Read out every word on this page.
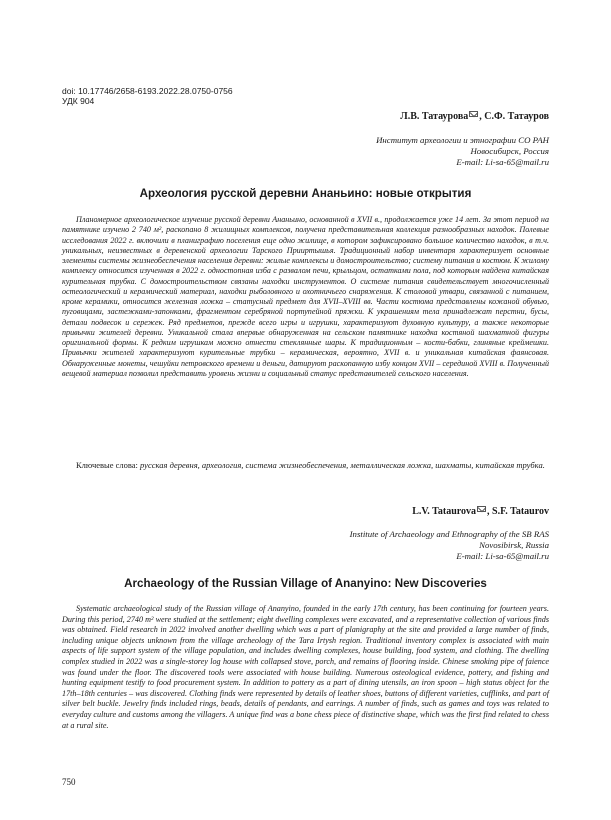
doi: 10.17746/2658-6193.2022.28.0750-0756
УДК 904
Л.В. Татаурова , С.Ф. Татауров
Институт археологии и этнографии СО РАН
Новосибирск, Россия
E-mail: Li-sa-65@mail.ru
Археология русской деревни Ананьино: новые открытия
Планомерное археологическое изучение русской деревни Ананьино, основанной в XVII в., продолжается уже 14 лет. За этот период на памятнике изучено 2 740 м², раскопано 8 жилищных комплексов, получена представительная коллекция разнообразных находок. Полевые исследования 2022 г. включили в планиграфию поселения еще одно жилище, в котором зафиксировано большое количество находок, в т.ч. уникальных, неизвестных в деревенской археологии Тарского Прииртышья. Традиционный набор инвентаря характеризует основные элементы системы жизнеобеспечения населения деревни: жилые комплексы и домостроительство; систему питания и костюм. К жилому комплексу относится изученная в 2022 г. одностопная изба с развалом печи, крыльцом, остатками пола, под которым найдена китайская курительная трубка. С домостроительством связаны находки инструментов. О системе питания свидетельствует многочисленный остеологический и керамический материал, находки рыболовного и охотничьего снаряжения. К столовой утвари, связанной с питанием, кроме керамики, относится железная ложка – статусный предмет для XVII–XVIII вв. Части костюма представлены кожаной обувью, пуговицами, застежками-запонками, фрагментом серебряной портупейной пряжки. К украшениям тела принадлежат перстни, бусы, детали подвесок и сережек. Ряд предметов, прежде всего игры и игрушки, характеризуют духовную культуру, а также некоторые привычки жителей деревни. Уникальной стала впервые обнаруженная на сельском памятнике находка костяной шахматной фигуры оригинальной формы. К редким игрушкам можно отнести стеклянные шары. К традиционным – кости-бабки, глиняные креймешки. Привычки жителей характеризуют курительные трубки – керамическая, вероятно, XVII в. и уникальная китайская фаянсовая. Обнаруженные монеты, чешуйки петровского времени и деньги, датируют раскопанную избу концом XVII – серединой XVIII в. Полученный вещевой материал позволил представить уровень жизни и социальный статус представителей сельского населения.
Ключевые слова: русская деревня, археология, система жизнеобеспечения, металлическая ложка, шахматы, китайская трубка.
L.V. Tataurova , S.F. Tataurov
Institute of Archaeology and Ethnography of the SB RAS
Novosibirsk, Russia
E-mail: Li-sa-65@mail.ru
Archaeology of the Russian Village of Ananyino: New Discoveries
Systematic archaeological study of the Russian village of Ananyino, founded in the early 17th century, has been continuing for fourteen years. During this period, 2740 m² were studied at the settlement; eight dwelling complexes were excavated, and a representative collection of various finds was obtained. Field research in 2022 involved another dwelling which was a part of planigraphy at the site and provided a large number of finds, including unique objects unknown from the village archeology of the Tara Irtysh region. Traditional inventory complex is associated with main aspects of life support system of the village population, and includes dwelling complexes, house building, food system, and clothing. The dwelling complex studied in 2022 was a single-storey log house with collapsed stove, porch, and remains of flooring inside. Chinese smoking pipe of faience was found under the floor. The discovered tools were associated with house building. Numerous osteological evidence, pottery, and fishing and hunting equipment testify to food procurement system. In addition to pottery as a part of dining utensils, an iron spoon – high status object for the 17th–18th centuries – was discovered. Clothing finds were represented by details of leather shoes, buttons of different varieties, cufflinks, and part of silver belt buckle. Jewelry finds included rings, beads, details of pendants, and earrings. A number of finds, such as games and toys was related to everyday culture and customs among the villagers. A unique find was a bone chess piece of distinctive shape, which was the first find related to chess at a rural site.
750
